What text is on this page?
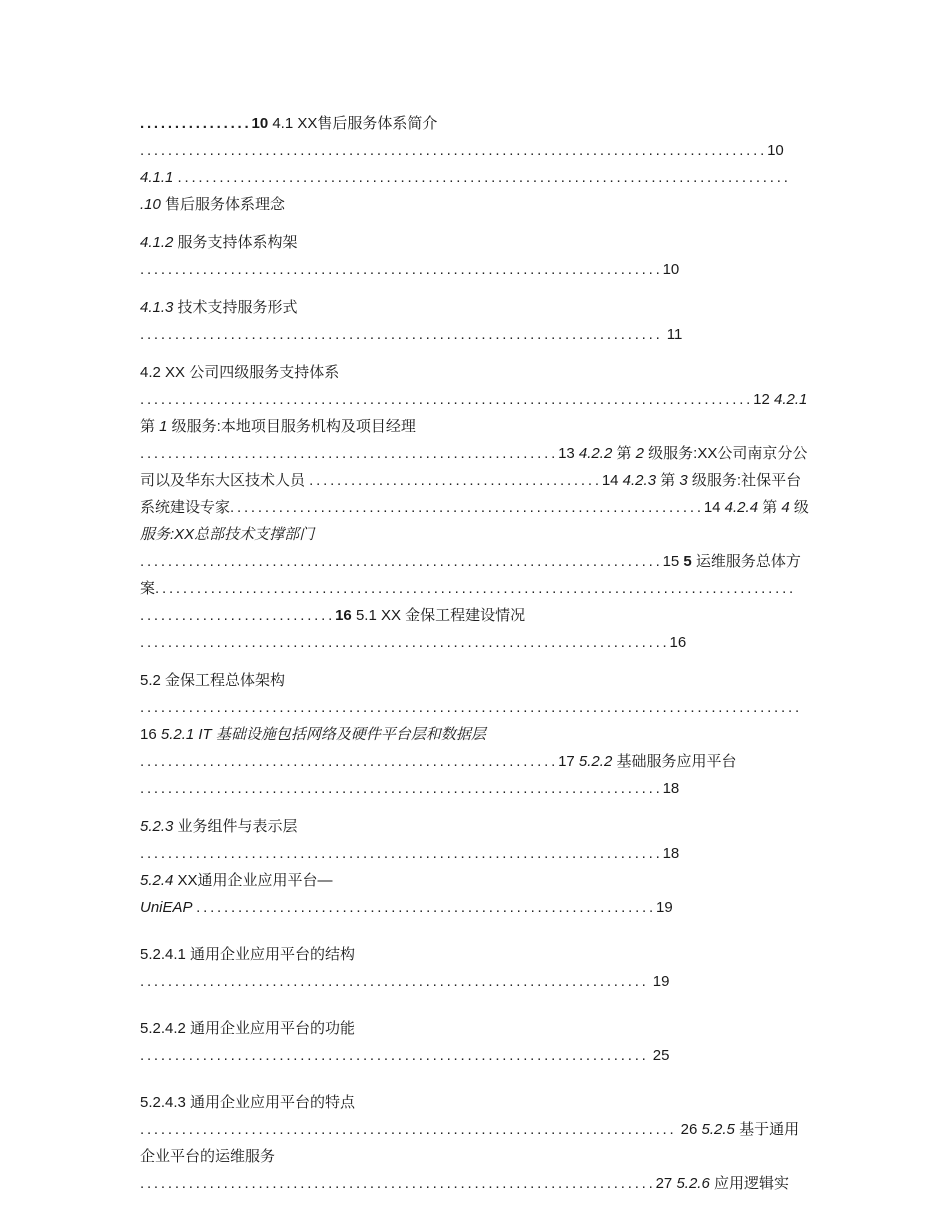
................10 4.1 XX售后服务体系简介
..........................................................................................10
4.1.1 ........................................................................................
.10 售后服务体系理念
4.1.2 服务支持体系构架
...........................................................................10
4.1.3 技术支持服务形式
........................................................................... 11
4.2 XX 公司四级服务支持体系
........................................................................................12 4.2.1
第 1 级服务:本地项目服务机构及项目经理
............................................................13 4.2.2 第 2 级服务:XX公司南京分公
司以及华东大区技术人员 ..........................................14 4.2.3 第 3 级服务:社保平台
系统建设专家....................................................................14 4.2.4 第 4 级
服务:XX总部技术支撑部门
...........................................................................15 5 运维服务总体方
案............................................................................................
............................16 5.1 XX 金保工程建设情况
............................................................................16
5.2 金保工程总体架构
...............................................................................................
16 5.2.1 IT 基础设施包括网络及硬件平台层和数据层
............................................................17 5.2.2 基础服务应用平台
...........................................................................18
5.2.3 业务组件与表示层
...........................................................................18
5.2.4 XX通用企业应用平台—
UniEAP ..................................................................19
5.2.4.1 通用企业应用平台的结构
......................................................................... 19
5.2.4.2 通用企业应用平台的功能
......................................................................... 25
5.2.4.3 通用企业应用平台的特点
............................................................................. 26 5.2.5 基于通用
企业平台的运维服务
..........................................................................27 5.2.6 应用逻辑实
